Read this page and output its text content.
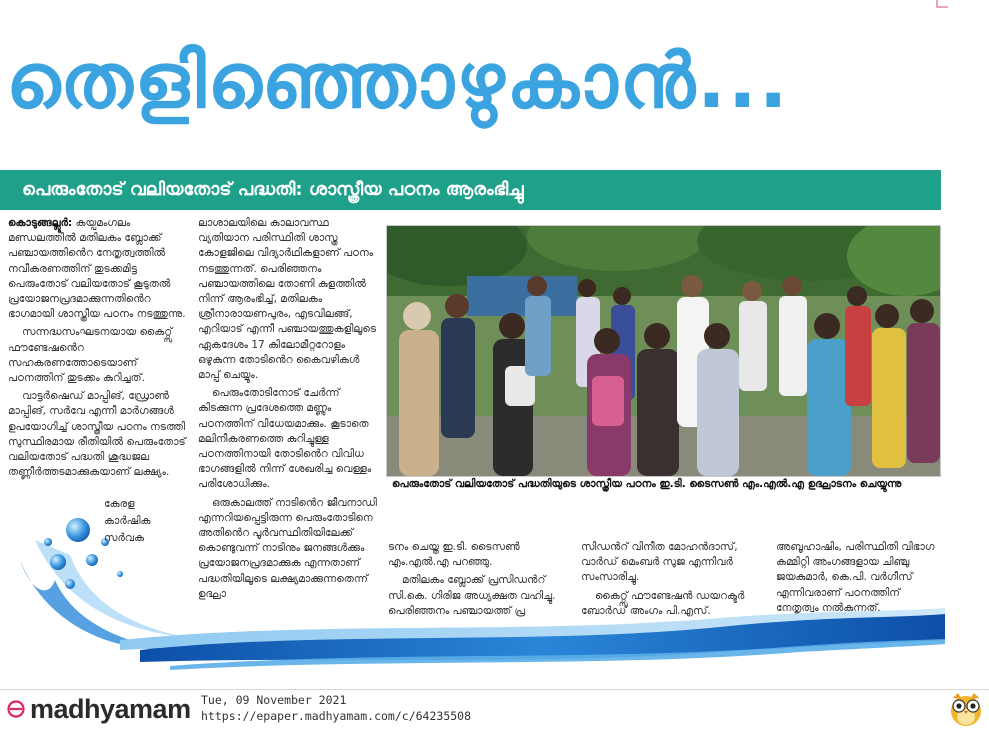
തെളിഞ്ഞൊഴുകാൻ...
പെരുംതോട് വലിയതോട് പദ്ധതി: ശാസ്ത്രീയ പഠനം ആരംഭിച്ചു

കൊടുങ്ങല്ലൂർ: കയ്പമംഗലം മണ്ഡലത്തിൽ മതിലകം ബ്ലോക്ക് പഞ്ചായത്തിൻെറ നേതൃത്വത്തിൽ നവീകരണത്തിന് തുടക്കമിട്ട പെരുംതോട് വലിയതോട് കൂടുതൽ പ്രയോജനപ്രദമാക്കുന്നതിൻെറ ഭാഗമായി ശാസ്ത്രീയ പഠനം നടത്തുന്നു.

സന്നദ്ധസംഘടനയായ കൈറ്റ്സ് ഫൗണ്ടേഷൻെറ സഹകരണത്തോടെയാണ് പഠനത്തിന് തുടക്കം കുറിച്ചത്.

വാട്ടർഷെഡ് മാപ്പിങ്, ഡ്രോൺ മാപ്പിങ്, സർവേ എന്നീ മാർഗങ്ങൾ ഉപയോഗിച്ച് ശാസ്ത്രീയ പഠനം നടത്തി സുസ്ഥിരമായ രീതിയിൽ പെരുംതോട് വലിയതോട് പദ്ധതി ശുദ്ധജല തണ്ണീർത്തടമാക്കുകയാണ് ലക്ഷ്യം.

കേരള കാർഷിക സർവക

ലാശാലയിലെ കാലാവസ്ഥ വ്യതിയാന പരിസ്ഥിതി ശാസ്ത്ര കോളജിലെ വിദ്യാർഥികളാണ് പഠനം നടത്തുന്നത്. പെരിഞ്ഞനം പഞ്ചായത്തിലെ തോണി കുളത്തിൽ നിന്ന് ആരംഭിച്ച്, മതിലകം ശ്രീനാരായണപുരം, എടവിലങ്ങ്, എറിയാട് എന്നീ പഞ്ചായത്തുകളിലൂടെ ഏകദേശം 17 കിലോമീറ്ററോളം ഒഴുകുന്ന തോടിൻെറ കൈവഴികൾ മാപ്പ് ചെയ്യും.

പെരുംതോടിനോട് ചേർന്ന് കിടക്കുന്ന പ്രദേശത്തെ മണ്ണും പഠനത്തിന് വിധേയമാക്കും. കൂടാതെ മലിനീകരണത്തെ കുറിച്ചുള്ള പഠനത്തിനായി തോടിൻെറ വിവിധ ഭാഗങ്ങളിൽ നിന്ന് ശേഖരിച്ച വെള്ളം പരിശോധിക്കും.

ഒരുകാലത്ത് നാടിൻെറ ജീവനാഡി എന്നറിയപ്പെട്ടിരുന്ന പെരുംതോടിനെ അതിൻെറ പൂർവസ്ഥിതിയിലേക്ക് കൊണ്ടുവന്ന് നാടിനും ജനങ്ങൾക്കും പ്രയോജനപ്രദമാക്കുക എന്നതാണ് പദ്ധതിയിലൂടെ ലക്ഷ്യമാക്കുന്നതെന്ന് ഉദ്ഘാ

പെരുംതോട് വലിയതോട് പദ്ധതിയുടെ ശാസ്ത്രീയ പഠനം ഇ.ടി. ടൈസൺ എം.എൽ.എ ഉദ്ഘാടനം ചെയ്യുന്നു

ടനം ചെയ്ത ഇ.ടി. ടൈസൺ എം.എൽ.എ പറഞ്ഞു.

മതിലകം ബ്ലോക്ക് പ്രസിഡൻറ് സി.കെ. ഗിരിജ അധ്യക്ഷത വഹിച്ചു. പെരിഞ്ഞനം പഞ്ചായത്ത് പ്ര

സിഡൻറ് വിനീത മോഹൻദാസ്, വാർഡ് മെംബർ സുജ എന്നിവർ സംസാരിച്ചു.

കൈറ്റ്സ് ഫൗണ്ടേഷൻ ഡയറക്ടർ ബോർഡ് അംഗം പി.എസ്.

അബൂഹാഷിം, പരിസ്ഥിതി വിഭാഗ കമ്മിറ്റി അംഗങ്ങളായ ചിഞ്ചു ജയകുമാർ, കെ.പി. വർഗീസ് എന്നിവരാണ് പഠനത്തിന് നേതൃത്വം നൽകുന്നത്.

madhyamam Tue, 09 November 2021
https://epaper.madhyamam.com/c/64235508
